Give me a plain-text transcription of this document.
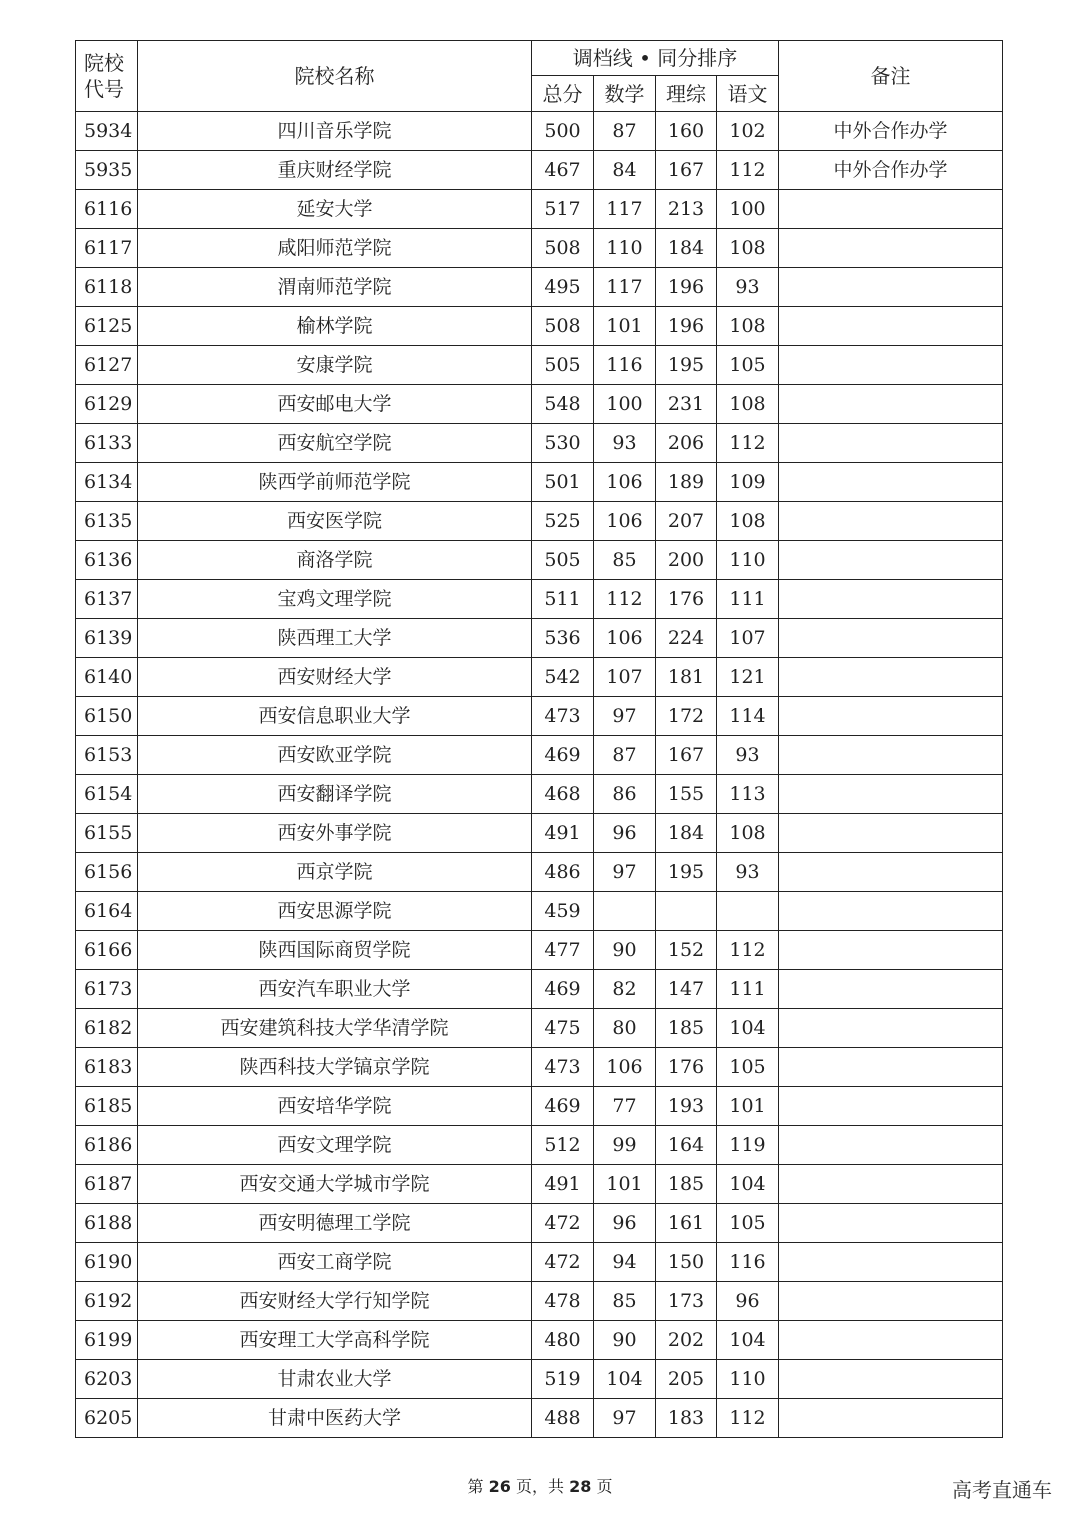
院校代号	院校名称	调档线 • 同分排序				备注
		总分	数学	理综	语文	
5934	四川音乐学院	500	87	160	102	中外合作办学
5935	重庆财经学院	467	84	167	112	中外合作办学
6116	延安大学	517	117	213	100	
6117	咸阳师范学院	508	110	184	108	
6118	渭南师范学院	495	117	196	93	
6125	榆林学院	508	101	196	108	
6127	安康学院	505	116	195	105	
6129	西安邮电大学	548	100	231	108	
6133	西安航空学院	530	93	206	112	
6134	陕西学前师范学院	501	106	189	109	
6135	西安医学院	525	106	207	108	
6136	商洛学院	505	85	200	110	
6137	宝鸡文理学院	511	112	176	111	
6139	陕西理工大学	536	106	224	107	
6140	西安财经大学	542	107	181	121	
6150	西安信息职业大学	473	97	172	114	
6153	西安欧亚学院	469	87	167	93	
6154	西安翻译学院	468	86	155	113	
6155	西安外事学院	491	96	184	108	
6156	西京学院	486	97	195	93	
6164	西安思源学院	459				
6166	陕西国际商贸学院	477	90	152	112	
6173	西安汽车职业大学	469	82	147	111	
6182	西安建筑科技大学华清学院	475	80	185	104	
6183	陕西科技大学镐京学院	473	106	176	105	
6185	西安培华学院	469	77	193	101	
6186	西安文理学院	512	99	164	119	
6187	西安交通大学城市学院	491	101	185	104	
6188	西安明德理工学院	472	96	161	105	
6190	西安工商学院	472	94	150	116	
6192	西安财经大学行知学院	478	85	173	96	
6199	西安理工大学高科学院	480	90	202	104	
6203	甘肃农业大学	519	104	205	110	
6205	甘肃中医药大学	488	97	183	112	
第 26 页，共 28 页	高考直通车
